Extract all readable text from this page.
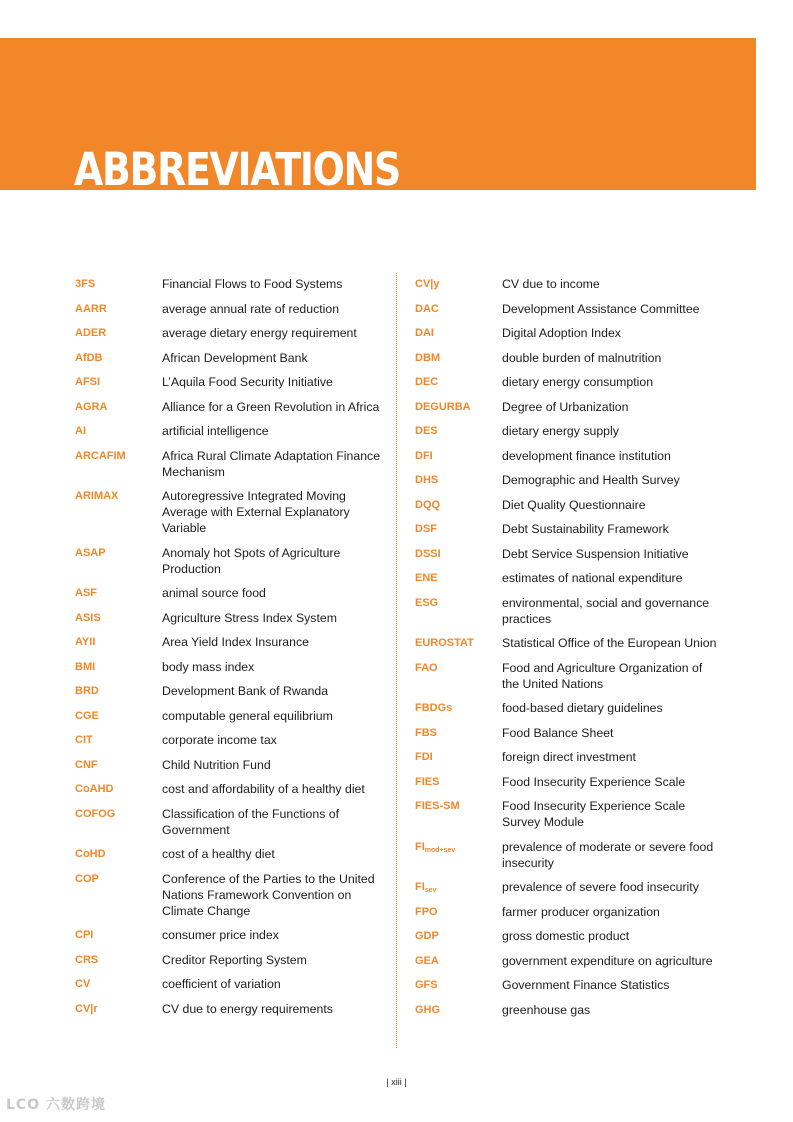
ABBREVIATIONS
3FS	Financial Flows to Food Systems
AARR	average annual rate of reduction
ADER	average dietary energy requirement
AfDB	African Development Bank
AFSI	L’Aquila Food Security Initiative
AGRA	Alliance for a Green Revolution in Africa
AI	artificial intelligence
ARCAFIM	Africa Rural Climate Adaptation Finance Mechanism
ARIMAX	Autoregressive Integrated Moving Average with External Explanatory Variable
ASAP	Anomaly hot Spots of Agriculture Production
ASF	animal source food
ASIS	Agriculture Stress Index System
AYII	Area Yield Index Insurance
BMI	body mass index
BRD	Development Bank of Rwanda
CGE	computable general equilibrium
CIT	corporate income tax
CNF	Child Nutrition Fund
CoAHD	cost and affordability of a healthy diet
COFOG	Classification of the Functions of Government
CoHD	cost of a healthy diet
COP	Conference of the Parties to the United Nations Framework Convention on Climate Change
CPI	consumer price index
CRS	Creditor Reporting System
CV	coefficient of variation
CV|r	CV due to energy requirements
CV|y	CV due to income
DAC	Development Assistance Committee
DAI	Digital Adoption Index
DBM	double burden of malnutrition
DEC	dietary energy consumption
DEGURBA	Degree of Urbanization
DES	dietary energy supply
DFI	development finance institution
DHS	Demographic and Health Survey
DQQ	Diet Quality Questionnaire
DSF	Debt Sustainability Framework
DSSI	Debt Service Suspension Initiative
ENE	estimates of national expenditure
ESG	environmental, social and governance practices
EUROSTAT	Statistical Office of the European Union
FAO	Food and Agriculture Organization of the United Nations
FBDGs	food-based dietary guidelines
FBS	Food Balance Sheet
FDI	foreign direct investment
FIES	Food Insecurity Experience Scale
FIES-SM	Food Insecurity Experience Scale Survey Module
$FI_{mod+sev}$	prevalence of moderate or severe food insecurity
$FI_{sev}$	prevalence of severe food insecurity
FPO	farmer producer organization
GDP	gross domestic product
GEA	government expenditure on agriculture
GFS	Government Finance Statistics
GHG	greenhouse gas
| xiii |
LCO 六数跨境
